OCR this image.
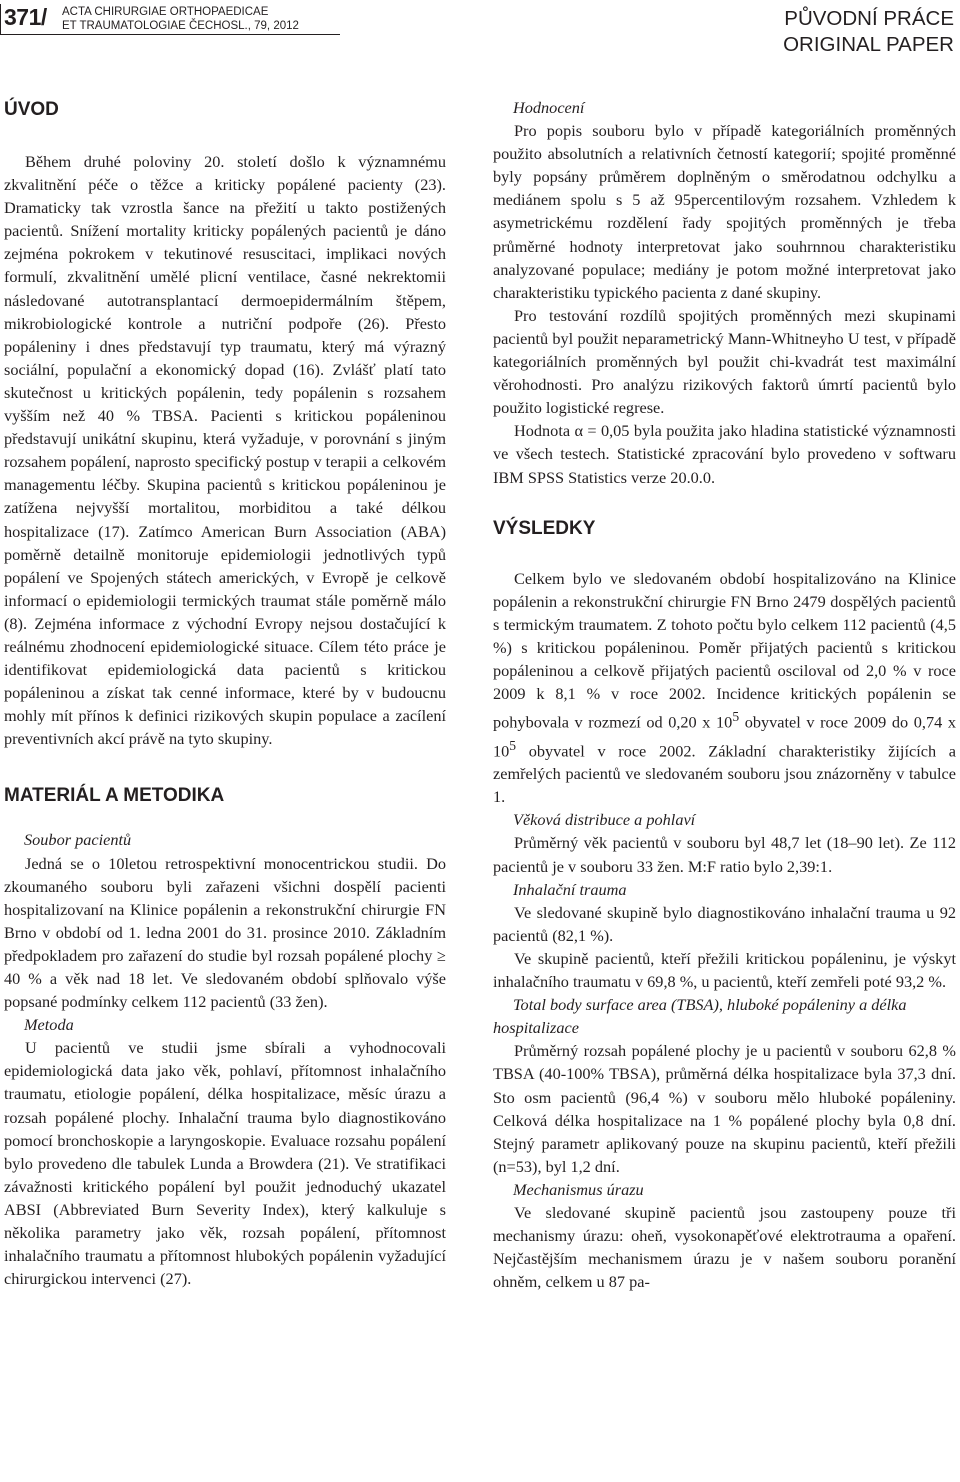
371/ ACTA CHIRURGIAE ORTHOPAEDICAE
ET TRAUMATOLOGIAE ČECHOSL., 79, 2012	PŮVODNÍ PRÁCE
ORIGINAL PAPER
ÚVOD

Během druhé poloviny 20. století došlo k významnému zkvalitnění péče o těžce a kriticky popálené pacienty (23). Dramaticky tak vzrostla šance na přežití u takto postižených pacientů. Snížení mortality kriticky popálených pacientů je dáno zejména pokrokem v tekutinové resuscitaci, implikaci nových formulí, zkvalitnění umělé plicní ventilace, časné nekrektomii následované autotransplantací dermoepidermálním štěpem, mikrobiologické kontrole a nutriční podpoře (26). Přesto popáleniny i dnes představují typ traumatu, který má výrazný sociální, populační a ekonomický dopad (16). Zvlášť platí tato skutečnost u kritických popálenin, tedy popálenin s rozsahem vyšším než 40 % TBSA. Pacienti s kritickou popáleninou představují unikátní skupinu, která vyžaduje, v porovnání s jiným rozsahem popálení, naprosto specifický postup v terapii a celkovém managementu léčby. Skupina pacientů s kritickou popáleninou je zatížena nejvyšší mortalitou, morbiditou a také délkou hospitalizace (17). Zatímco American Burn Association (ABA) poměrně detailně monitoruje epidemiologii jednotlivých typů popálení ve Spojených státech amerických, v Evropě je celkově informací o epidemiologii termických traumat stále poměrně málo (8). Zejména informace z východní Evropy nejsou dostačující k reálnému zhodnocení epidemiologické situace. Cílem této práce je identifikovat epidemiologická data pacientů s kritickou popáleninou a získat tak cenné informace, které by v budoucnu mohly mít přínos k definici rizikových skupin populace a zacílení preventivních akcí právě na tyto skupiny.

MATERIÁL A METODIKA
Soubor pacientů

Jedná se o 10letou retrospektivní monocentrickou studii. Do zkoumaného souboru byli zařazeni všichni dospělí pacienti hospitalizovaní na Klinice popálenin a rekonstrukční chirurgie FN Brno v období od 1. ledna 2001 do 31. prosince 2010. Základním předpokladem pro zařazení do studie byl rozsah popálené plochy ≥ 40 % a věk nad 18 let. Ve sledovaném období splňovalo výše popsané podmínky celkem 112 pacientů (33 žen).

Metoda

U pacientů ve studii jsme sbírali a vyhodnocovali epidemiologická data jako věk, pohlaví, přítomnost inhalačního traumatu, etiologie popálení, délka hospitalizace, měsíc úrazu a rozsah popálené plochy. Inhalační trauma bylo diagnostikováno pomocí bronchoskopie a laryngoskopie. Evaluace rozsahu popálení bylo provedeno dle tabulek Lunda a Browdera (21). Ve stratifikaci závažnosti kritického popálení byl použit jednoduchý ukazatel ABSI (Abbreviated Burn Severity Index), který kalkuluje s několika parametry jako věk, rozsah popálení, přítomnost inhalačního traumatu a přítomnost hlubokých popálenin vyžadující chirurgickou intervenci (27).

Hodnocení

Pro popis souboru bylo v případě kategoriálních proměnných použito absolutních a relativních četností kategorií; spojité proměnné byly popsány průměrem doplněným o směrodatnou odchylku a mediánem spolu s 5 až 95percentilovým rozsahem. Vzhledem k asymetrickému rozdělení řady spojitých proměnných je třeba průměrné hodnoty interpretovat jako souhrnnou charakteristiku analyzované populace; mediány je potom možné interpretovat jako charakteristiku typického pacienta z dané skupiny.

Pro testování rozdílů spojitých proměnných mezi skupinami pacientů byl použit neparametrický Mann-Whitneyho U test, v případě kategoriálních proměnných byl použit chi-kvadrát test maximální věrohodnosti. Pro analýzu rizikových faktorů úmrtí pacientů bylo použito logistické regrese.

Hodnota α = 0,05 byla použita jako hladina statistické významnosti ve všech testech. Statistické zpracování bylo provedeno v softwaru IBM SPSS Statistics verze 20.0.0.

VÝSLEDKY

Celkem bylo ve sledovaném období hospitalizováno na Klinice popálenin a rekonstrukční chirurgie FN Brno 2479 dospělých pacientů s termickým traumatem. Z tohoto počtu bylo celkem 112 pacientů (4,5 %) s kritickou popáleninou. Poměr přijatých pacientů s kritickou popáleninou a celkově přijatých pacientů osciloval od 2,0 % v roce 2009 k 8,1 % v roce 2002. Incidence kritických popálenin se pohybovala v rozmezí od 0,20 x $10^5$ obyvatel v roce 2009 do 0,74 x $10^5$ obyvatel v roce 2002. Základní charakteristiky žijících a zemřelých pacientů ve sledovaném souboru jsou znázorněny v tabulce 1.

Věková distribuce a pohlaví

Průměrný věk pacientů v souboru byl 48,7 let (18–90 let). Ze 112 pacientů je v souboru 33 žen. M:F ratio bylo 2,39:1.

Inhalační trauma

Ve sledované skupině bylo diagnostikováno inhalační trauma u 92 pacientů (82,1 %).

Ve skupině pacientů, kteří přežili kritickou popáleninu, je výskyt inhalačního traumatu v 69,8 %, u pacientů, kteří zemřeli poté 93,2 %.

Total body surface area (TBSA), hluboké popáleniny a délka hospitalizace

Průměrný rozsah popálené plochy je u pacientů v souboru 62,8 % TBSA (40-100% TBSA), průměrná délka hospitalizace byla 37,3 dní. Sto osm pacientů (96,4 %) v souboru mělo hluboké popáleniny. Celková délka hospitalizace na 1 % popálené plochy byla 0,8 dní. Stejný parametr aplikovaný pouze na skupinu pacientů, kteří přežili (n=53), byl 1,2 dní.

Mechanismus úrazu

Ve sledované skupině pacientů jsou zastoupeny pouze tři mechanismy úrazu: oheň, vysokonapěťové elektrotrauma a opaření. Nejčastějším mechanismem úrazu je v našem souboru poranění ohněm, celkem u 87 pa-
